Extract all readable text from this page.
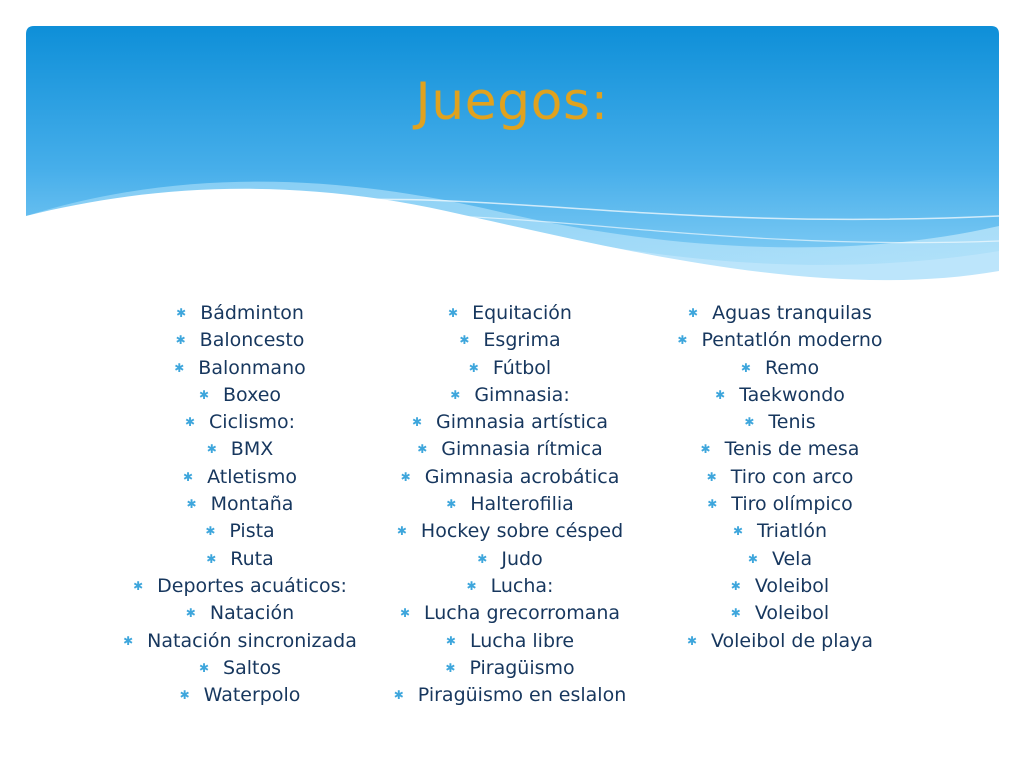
Juegos:
✱ Bádminton
✱ Baloncesto
✱ Balonmano
✱ Boxeo
✱ Ciclismo:
✱ BMX
✱ Atletismo
✱ Montaña
✱ Pista
✱ Ruta
✱ Deportes acuáticos:
✱ Natación
✱ Natación sincronizada
✱ Saltos
✱ Waterpolo
✱ Equitación
✱ Esgrima
✱ Fútbol
✱ Gimnasia:
✱ Gimnasia artística
✱ Gimnasia rítmica
✱ Gimnasia acrobática
✱ Halterofilia
✱ Hockey sobre césped
✱ Judo
✱ Lucha:
✱ Lucha grecorromana
✱ Lucha libre
✱ Piragüismo
✱ Piragüismo en eslalon
✱ Aguas tranquilas
✱ Pentatlón moderno
✱ Remo
✱ Taekwondo
✱ Tenis
✱ Tenis de mesa
✱ Tiro con arco
✱ Tiro olímpico
✱ Triatlón
✱ Vela
✱ Voleibol
✱ Voleibol
✱ Voleibol de playa
